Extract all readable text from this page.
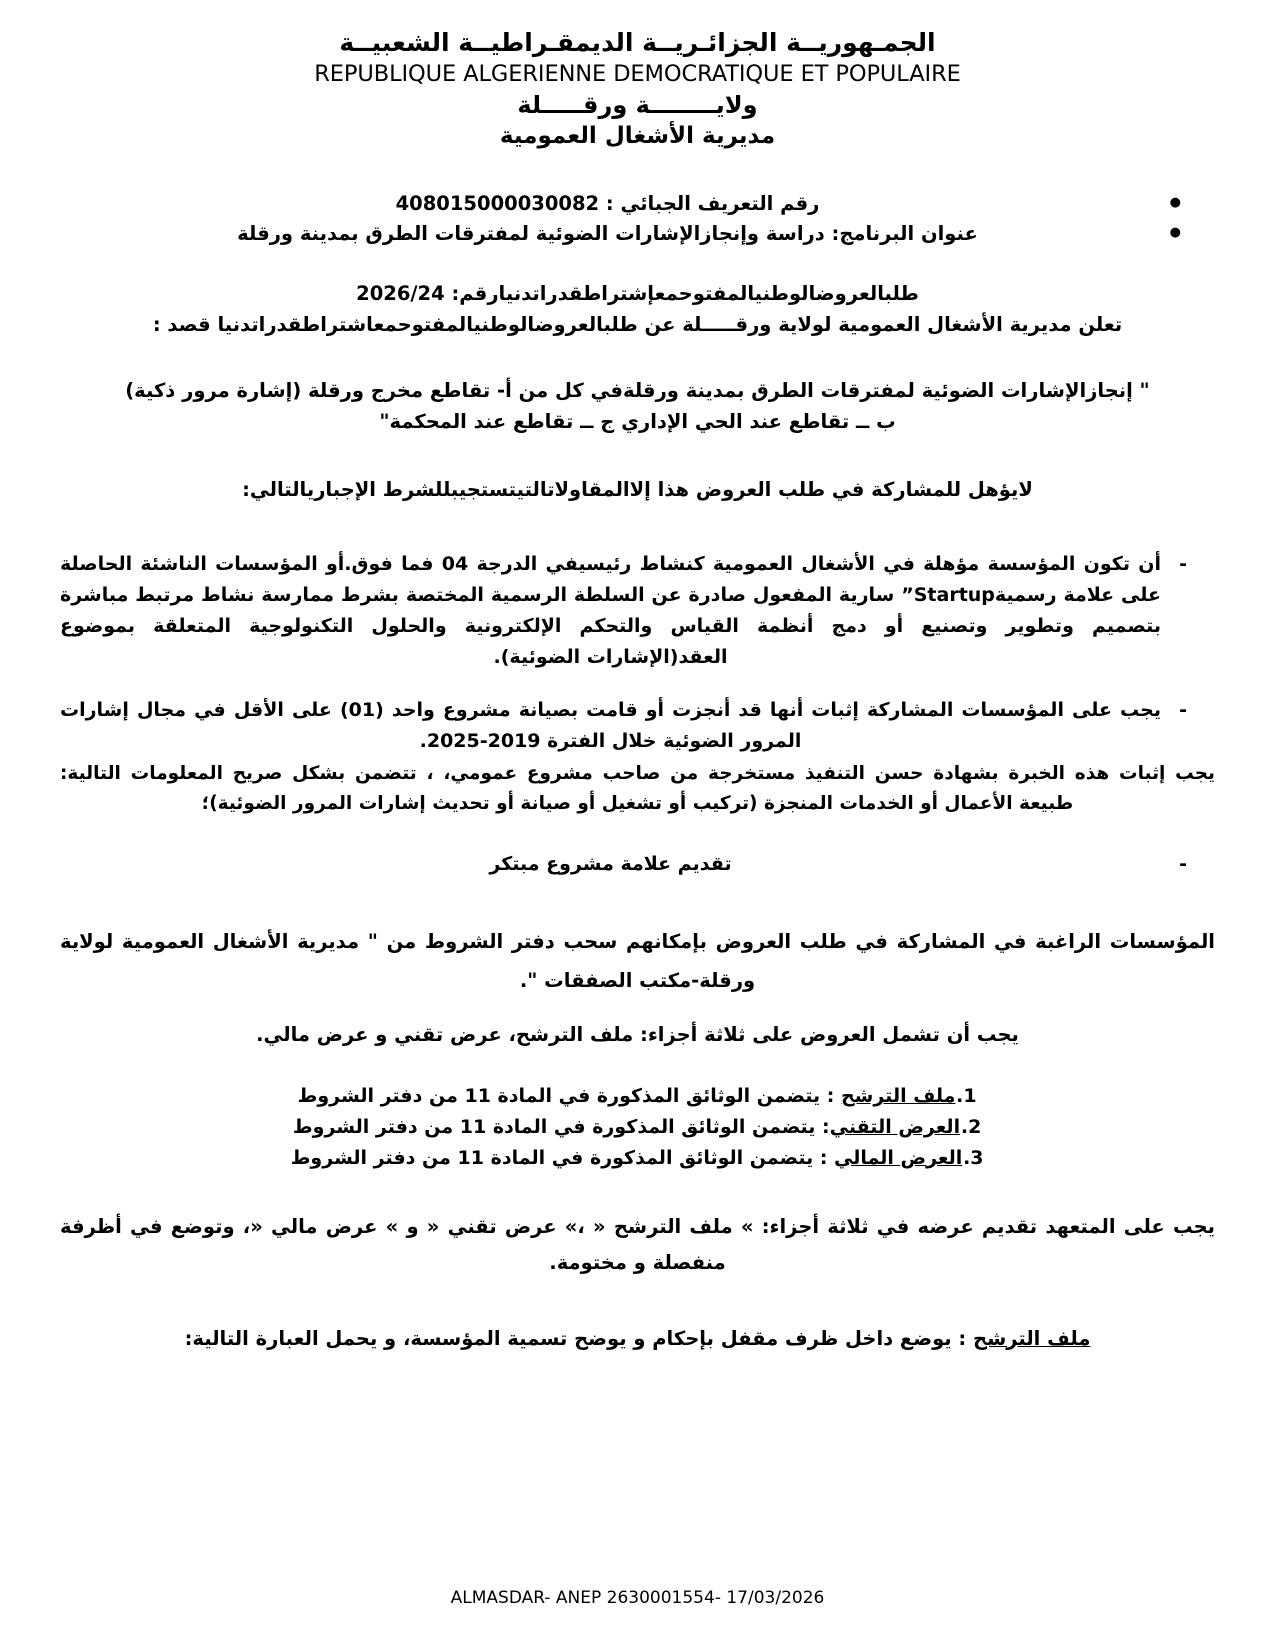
الجمـهوريــة الجزائـريــة الديمقـراطيــة الشعبيــة
REPUBLIQUE ALGERIENNE DEMOCRATIQUE ET POPULAIRE
ولايــــــــة ورقـــــلة
مديرية الأشغال العمومية
● رقم التعريف الجبائي : 408015000030082
● عنوان البرنامج: دراسة وإنجازالإشارات الضوئية لمفترقات الطرق بمدينة ورقلة
طلبالعروضالوطنيالمفتوحمعإشتراطقدراتدنيارقم: 2026/24
تعلن مديرية الأشغال العمومية لولاية ورقـــــلة عن طلبالعروضالوطنيالمفتوحمعاشتراطقدراتدنيا قصد :
" إنجازالإشارات الضوئية لمفترقات الطرق بمدينة ورقلةفي كل من أ- تقاطع مخرج ورقلة (إشارة مرور ذكية)
ب ــ تقاطع عند الحي الإداري ج ــ تقاطع عند المحكمة"
لايؤهل للمشاركة في طلب العروض هذا إلاالمقاولاتالتيتستجيبللشرط الإجباريالتالي:
- أن تكون المؤسسة مؤهلة في الأشغال العمومية كنشاط رئيسيفي الدرجة 04 فما فوق.أو المؤسسات الناشئة الحاصلة على علامة رسميةStartup” سارية المفعول صادرة عن السلطة الرسمية المختصة بشرط ممارسة نشاط مرتبط مباشرة بتصميم وتطوير وتصنيع أو دمج أنظمة القياس والتحكم الإلكترونية والحلول التكنولوجية المتعلقة بموضوع العقد(الإشارات الضوئية).
- يجب على المؤسسات المشاركة إثبات أنها قد أنجزت أو قامت بصيانة مشروع واحد (01) على الأقل في مجال إشارات المرور الضوئية خلال الفترة 2019-2025.
يجب إثبات هذه الخبرة بشهادة حسن التنفيذ مستخرجة من صاحب مشروع عمومي، ، تتضمن بشكل صريح المعلومات التالية: طبيعة الأعمال أو الخدمات المنجزة (تركيب أو تشغيل أو صيانة أو تحديث إشارات المرور الضوئية)؛
- تقديم علامة مشروع مبتكر
المؤسسات الراغبة في المشاركة في طلب العروض بإمكانهم سحب دفتر الشروط من " مديرية الأشغال العمومية لولاية ورقلة-مكتب الصفقات ".
يجب أن تشمل العروض على ثلاثة أجزاء: ملف الترشح، عرض تقني و عرض مالي.
1.ملف الترشح : يتضمن الوثائق المذكورة في المادة 11 من دفتر الشروط
2.العرض التقني: يتضمن الوثائق المذكورة في المادة 11 من دفتر الشروط
3.العرض المالي : يتضمن الوثائق المذكورة في المادة 11 من دفتر الشروط
يجب على المتعهد تقديم عرضه في ثلاثة أجزاء: » ملف الترشح « ،» عرض تقني « و » عرض مالي «، وتوضع في أظرفة منفصلة و مختومة.
ملف الترشح : يوضع داخل ظرف مقفل بإحكام و يوضح تسمية المؤسسة، و يحمل العبارة التالية:
ALMASDAR- ANEP 2630001554- 17/03/2026
